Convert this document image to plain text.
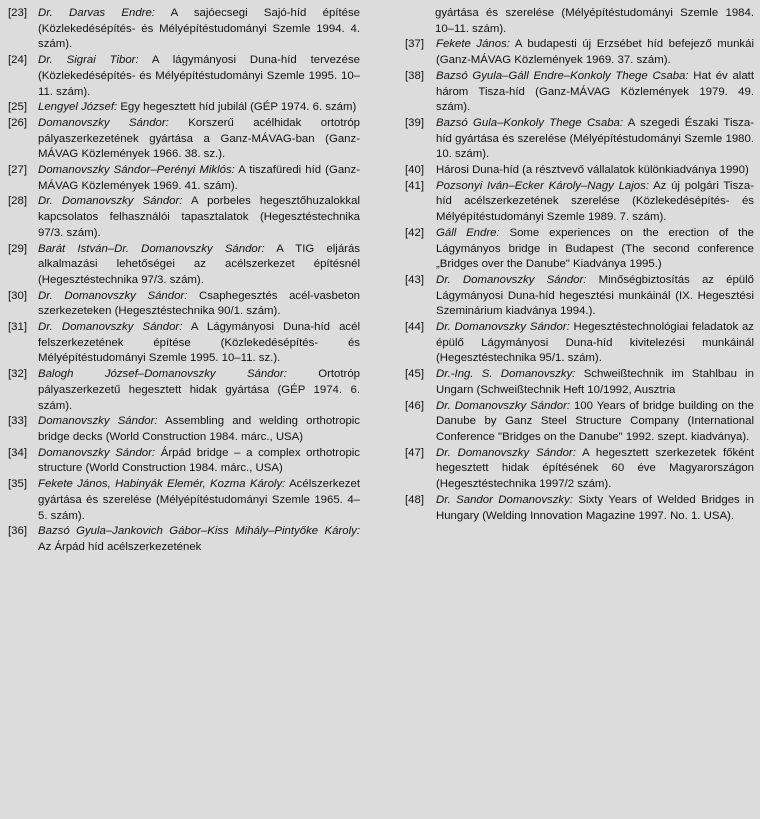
[23] Dr. Darvas Endre: A sajóecsegi Sajó-híd építése (Közlekedésépítés- és Mélyépítéstudományi Szemle 1994. 4. szám).
[24] Dr. Sigrai Tibor: A lágymányosi Duna-híd tervezése (Közlekedésépítés- és Mélyépítéstudományi Szemle 1995. 10–11. szám).
[25] Lengyel József: Egy hegesztett híd jubilál (GÉP 1974. 6. szám)
[26] Domanovszky Sándor: Korszerű acélhidak ortotróp pályaszerkezetének gyártása a Ganz-MÁVAG-ban (Ganz-MÁVAG Közlemények 1966. 38. sz.).
[27] Domanovszky Sándor–Perényi Miklós: A tiszafüredi híd (Ganz-MÁVAG Közlemények 1969. 41. szám).
[28] Dr. Domanovszky Sándor: A porbeles hegesztőhuzalokkal kapcsolatos felhasználói tapasztalatok (Hegesztéstechnika 97/3. szám).
[29] Barát István–Dr. Domanovszky Sándor: A TIG eljárás alkalmazási lehetőségei az acélszerkezet építésnél (Hegesztéstechnika 97/3. szám).
[30] Dr. Domanovszky Sándor: Csaphegesztés acél-vasbeton szerkezeteken (Hegesztéstechnika 90/1. szám).
[31] Dr. Domanovszky Sándor: A Lágymányosi Duna-híd acél felszerkezetének építése (Közlekedésépítés- és Mélyépítéstudományi Szemle 1995. 10–11. sz.).
[32] Balogh József–Domanovszky Sándor: Ortotróp pályaszerkezetű hegesztett hidak gyártása (GÉP 1974. 6. szám).
[33] Domanovszky Sándor: Assembling and welding orthotropic bridge decks (World Construction 1984. márc., USA)
[34] Domanovszky Sándor: Árpád bridge – a complex orthotropic structure (World Construction 1984. márc., USA)
[35] Fekete János, Habinyák Elemér, Kozma Károly: Acélszerkezet gyártása és szerelése (Mélyépítéstudományi Szemle 1965. 4–5. szám).
[36] Bazsó Gyula–Jankovich Gábor–Kiss Mihály–Pintyőke Károly: Az Árpád híd acélszerkezetének
gyártása és szerelése (Mélyépítéstudományi Szemle 1984. 10–11. szám).
[37]	Fekete János: A budapesti új Erzsébet híd befejező munkái (Ganz-MÁVAG Közlemények 1969. 37. szám).
[38]	Bazsó Gyula–Gáll Endre–Konkoly Thege Csaba: Hat év alatt három Tisza-híd (Ganz-MÁVAG Közlemények 1979. 49. szám).
[39]	Bazsó Gula–Konkoly Thege Csaba: A szegedi Északi Tisza-híd gyártása és szerelése (Mélyépítéstudományi Szemle 1980. 10. szám).
[40]	Hárosi Duna-híd (a résztvevő vállalatok különkiadványa 1990)
[41]	Pozsonyi Iván–Ecker Károly–Nagy Lajos: Az új polgári Tisza-híd acélszerkezetének szerelése (Közlekedésépítés- és Mélyépítéstudományi Szemle 1989. 7. szám).
[42]	Gáll Endre: Some experiences on the erection of the Lágymányos bridge in Budapest (The second conference „Bridges over the Danube" Kiadványa 1995.)
[43]	Dr. Domanovszky Sándor: Minőségbiztosítás az épülő Lágymányosi Duna-híd hegesztési munkáinál (IX. Hegesztési Szeminárium kiadványa 1994.).
[44]	Dr. Domanovszky Sándor: Hegesztéstechnológiai feladatok az épülő Lágymányosi Duna-híd kivitelezési munkáinál (Hegesztéstechnika 95/1. szám).
[45]	Dr.-Ing. S. Domanovszky: Schweißtechnik im Stahlbau in Ungarn (Schweißtechnik Heft 10/1992, Ausztria
[46]	Dr. Domanovszky Sándor: 100 Years of bridge building on the Danube by Ganz Steel Structure Company (International Conference "Bridges on the Danube" 1992. szept. kiadványa).
[47]	Dr. Domanovszky Sándor: A hegesztett szerkezetek főként hegesztett hidak építésének 60 éve Magyarországon (Hegesztéstechnika 1997/2 szám).
[48]	Dr. Sandor Domanovszky: Sixty Years of Welded Bridges in Hungary (Welding Innovation Magazine 1997. No. 1. USA).
